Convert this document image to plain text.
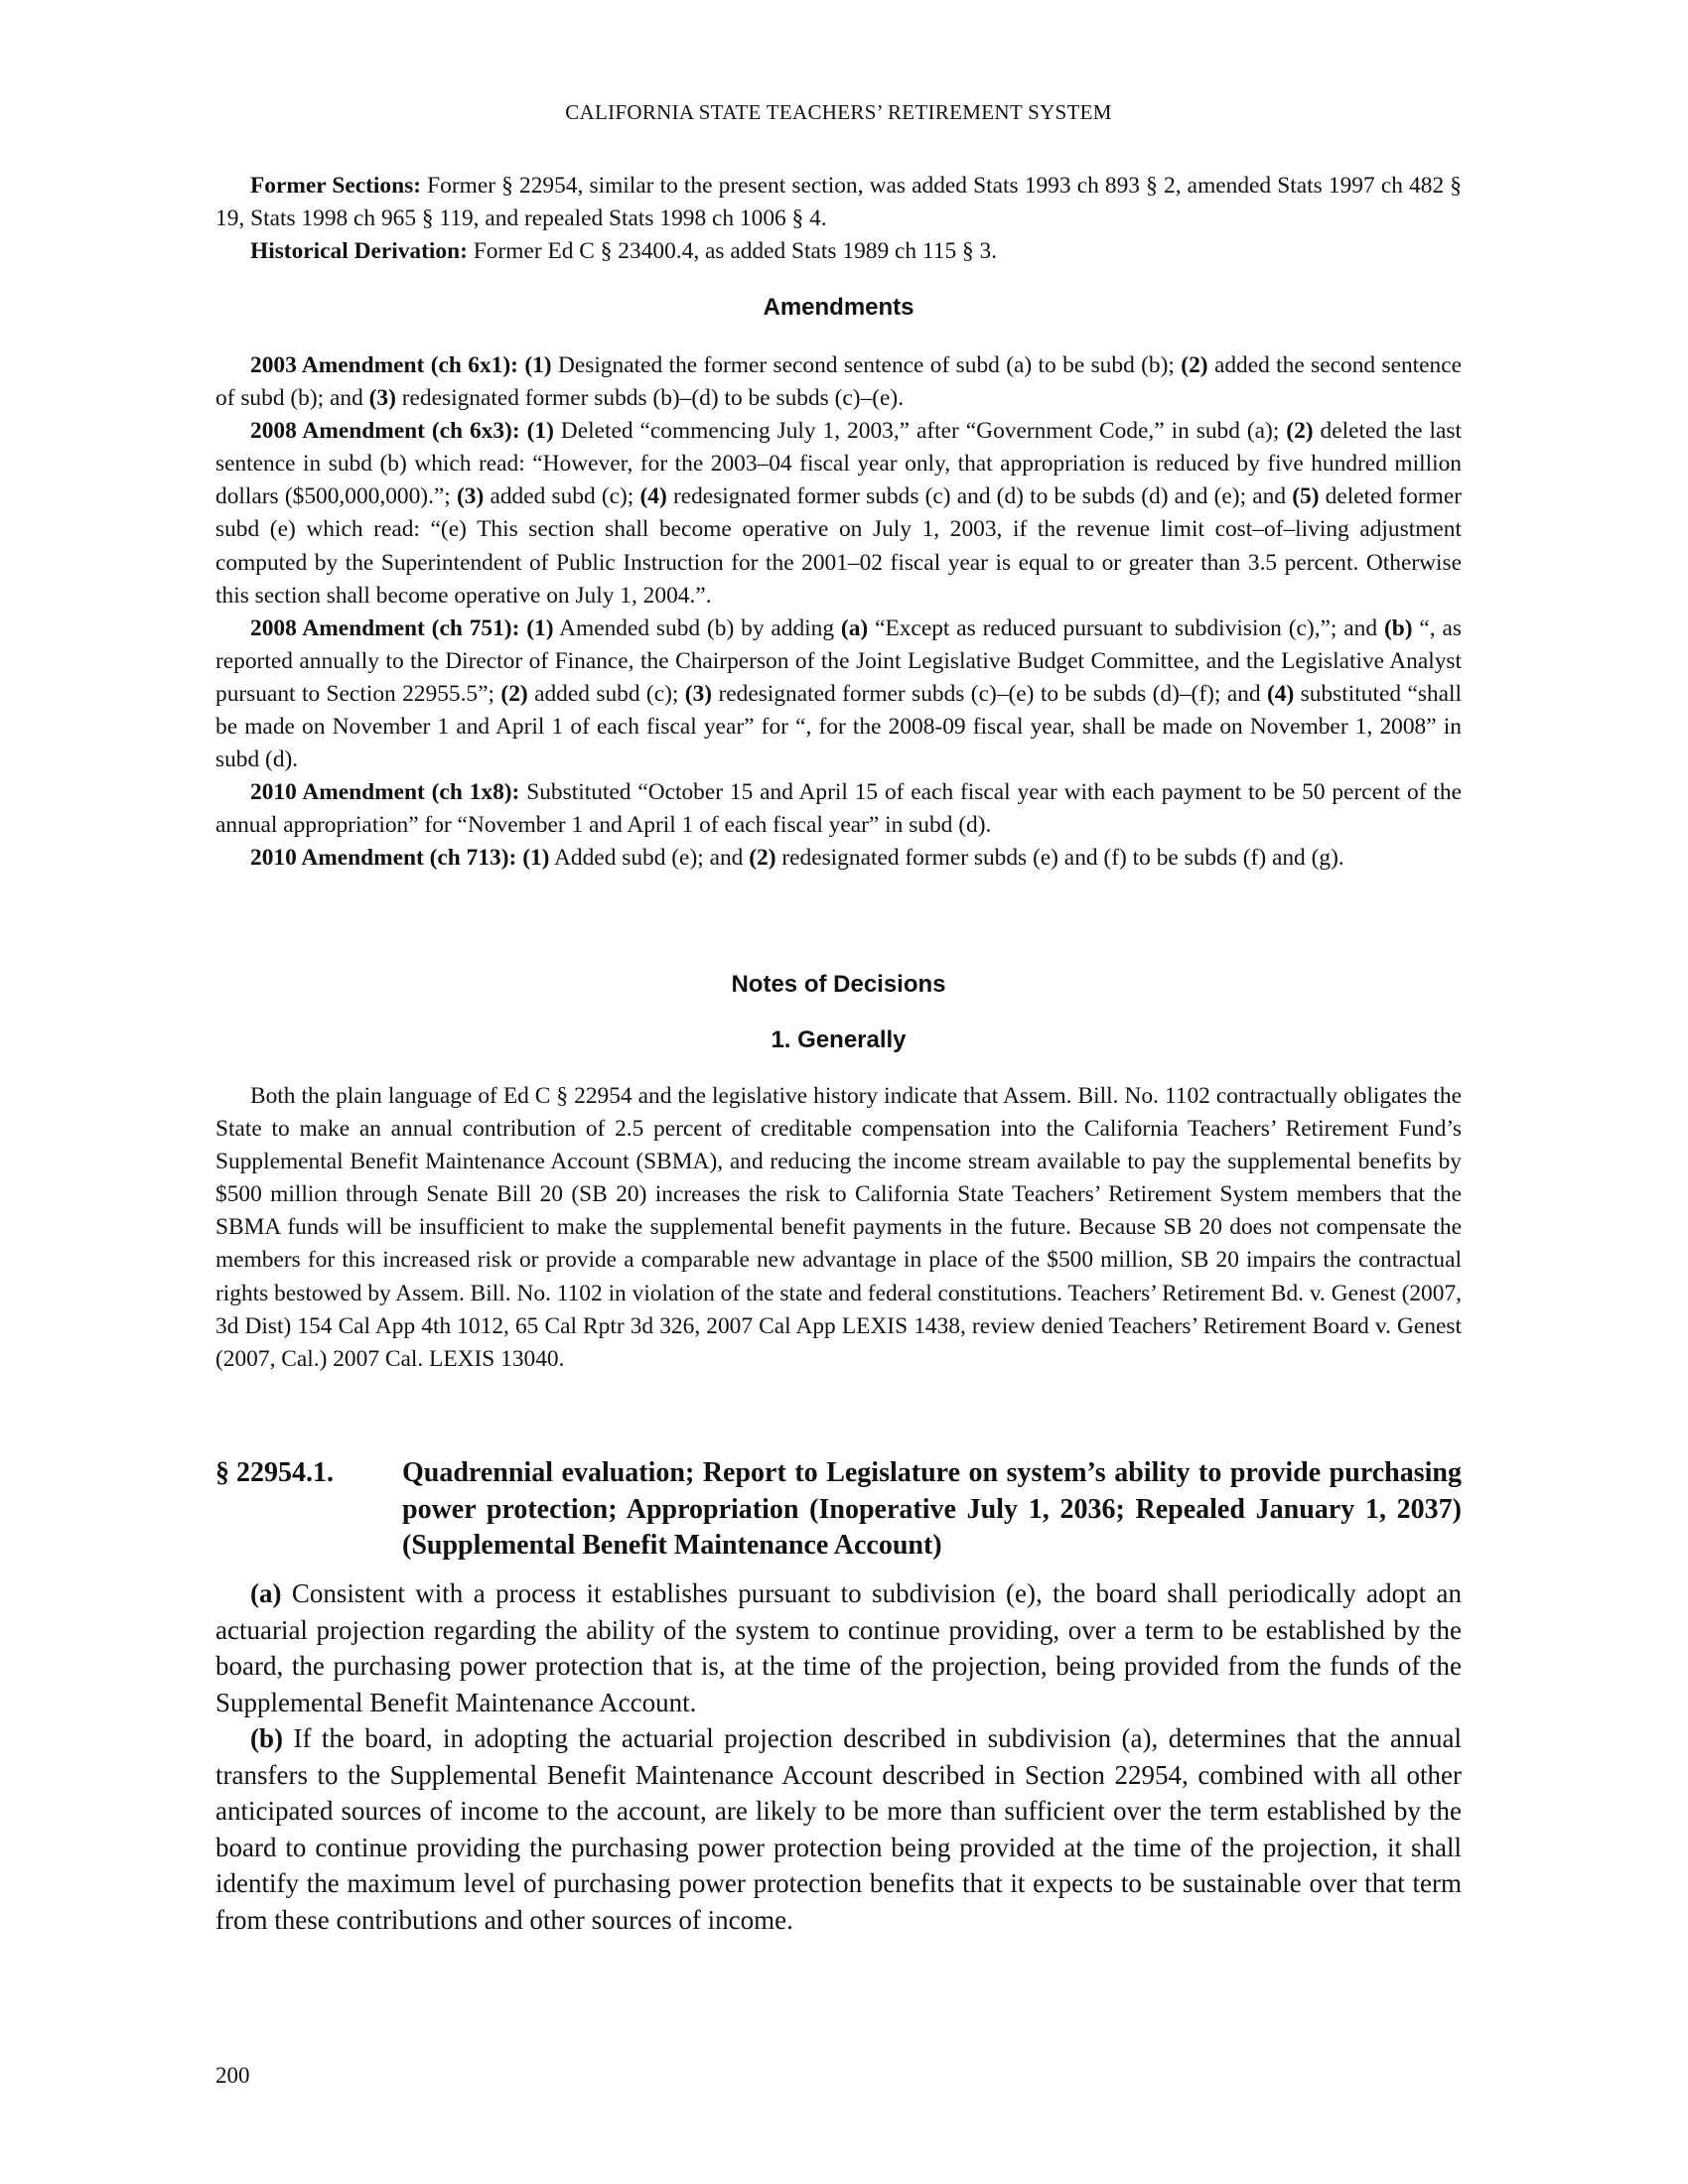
CALIFORNIA STATE TEACHERS’ RETIREMENT SYSTEM

Former Sections: Former § 22954, similar to the present section, was added Stats 1993 ch 893 § 2, amended Stats 1997 ch 482 § 19, Stats 1998 ch 965 § 119, and repealed Stats 1998 ch 1006 § 4.

Historical Derivation: Former Ed C § 23400.4, as added Stats 1989 ch 115 § 3.

Amendments

2003 Amendment (ch 6x1): (1) Designated the former second sentence of subd (a) to be subd (b); (2) added the second sentence of subd (b); and (3) redesignated former subds (b)–(d) to be subds (c)–(e).

2008 Amendment (ch 6x3): (1) Deleted “commencing July 1, 2003,” after “Government Code,” in subd (a); (2) deleted the last sentence in subd (b) which read: “However, for the 2003–04 fiscal year only, that appropriation is reduced by five hundred million dollars ($500,000,000).”; (3) added subd (c); (4) redesignated former subds (c) and (d) to be subds (d) and (e); and (5) deleted former subd (e) which read: “(e) This section shall become operative on July 1, 2003, if the revenue limit cost–of–living adjustment computed by the Superintendent of Public Instruction for the 2001–02 fiscal year is equal to or greater than 3.5 percent. Otherwise this section shall become operative on July 1, 2004.”.

2008 Amendment (ch 751): (1) Amended subd (b) by adding (a) “Except as reduced pursuant to subdivision (c),”; and (b) “, as reported annually to the Director of Finance, the Chairperson of the Joint Legislative Budget Committee, and the Legislative Analyst pursuant to Section 22955.5”; (2) added subd (c); (3) redesignated former subds (c)–(e) to be subds (d)–(f); and (4) substituted “shall be made on November 1 and April 1 of each fiscal year” for “, for the 2008-09 fiscal year, shall be made on November 1, 2008” in subd (d).

2010 Amendment (ch 1x8): Substituted “October 15 and April 15 of each fiscal year with each payment to be 50 percent of the annual appropriation” for “November 1 and April 1 of each fiscal year” in subd (d).

2010 Amendment (ch 713): (1) Added subd (e); and (2) redesignated former subds (e) and (f) to be subds (f) and (g).

Notes of Decisions
1. Generally

Both the plain language of Ed C § 22954 and the legislative history indicate that Assem. Bill. No. 1102 contractually obligates the State to make an annual contribution of 2.5 percent of creditable compensation into the California Teachers’ Retirement Fund’s Supplemental Benefit Maintenance Account (SBMA), and reducing the income stream available to pay the supplemental benefits by $500 million through Senate Bill 20 (SB 20) increases the risk to California State Teachers’ Retirement System members that the SBMA funds will be insufficient to make the supplemental benefit payments in the future. Because SB 20 does not compensate the members for this increased risk or provide a comparable new advantage in place of the $500 million, SB 20 impairs the contractual rights bestowed by Assem. Bill. No. 1102 in violation of the state and federal constitutions. Teachers’ Retirement Bd. v. Genest (2007, 3d Dist) 154 Cal App 4th 1012, 65 Cal Rptr 3d 326, 2007 Cal App LEXIS 1438, review denied Teachers’ Retirement Board v. Genest (2007, Cal.) 2007 Cal. LEXIS 13040.

§ 22954.1.	Quadrennial evaluation; Report to Legislature on system’s ability to provide purchasing power protection; Appropriation (Inoperative July 1, 2036; Repealed January 1, 2037) (Supplemental Benefit Maintenance Account)

(a) Consistent with a process it establishes pursuant to subdivision (e), the board shall periodically adopt an actuarial projection regarding the ability of the system to continue providing, over a term to be established by the board, the purchasing power protection that is, at the time of the projection, being provided from the funds of the Supplemental Benefit Maintenance Account.

(b) If the board, in adopting the actuarial projection described in subdivision (a), determines that the annual transfers to the Supplemental Benefit Maintenance Account described in Section 22954, combined with all other anticipated sources of income to the account, are likely to be more than sufficient over the term established by the board to continue providing the purchasing power protection being provided at the time of the projection, it shall identify the maximum level of purchasing power protection benefits that it expects to be sustainable over that term from these contributions and other sources of income.

200
